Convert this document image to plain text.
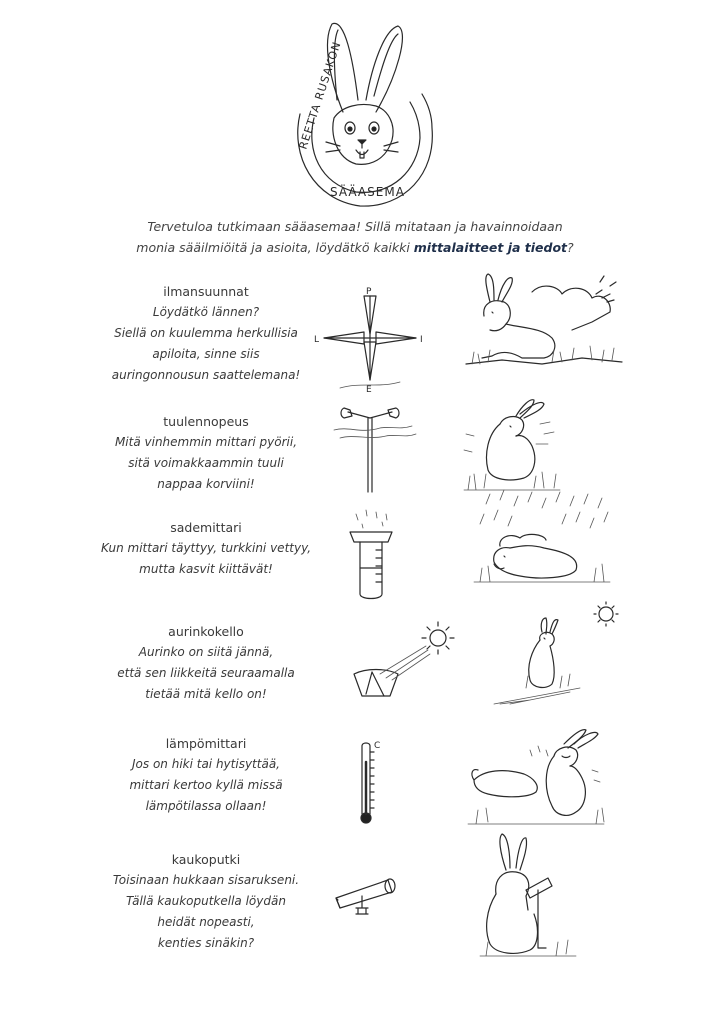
REETTA RUSAKON
SÄÄASEMA
Tervetuloa tutkimaan sääasemaa! Sillä mitataan ja havainnoidaan
monia sääilmiöitä ja asioita, löydätkö kaikki mittalaitteet ja tiedot?
ilmansuunnat
Löydätkö lännen?
Siellä on kuulemma herkullisia
apiloita, sinne siis
auringonnousun saattelemana!
P
L	I
E
tuulennopeus
Mitä vinhemmin mittari pyörii,
sitä voimakkaammin tuuli
nappaa korviini!
sademittari
Kun mittari täyttyy, turkkini vettyy,
mutta kasvit kiittävät!
aurinkokello
Aurinko on siitä jännä,
että sen liikkeitä seuraamalla
tietää mitä kello on!
lämpömittari
Jos on hiki tai hytisyttää,
mittari kertoo kyllä missä
lämpötilassa ollaan!
C
kaukoputki
Toisinaan hukkaan sisarukseni.
Tällä kaukoputkella löydän
heidät nopeasti,
kenties sinäkin?
